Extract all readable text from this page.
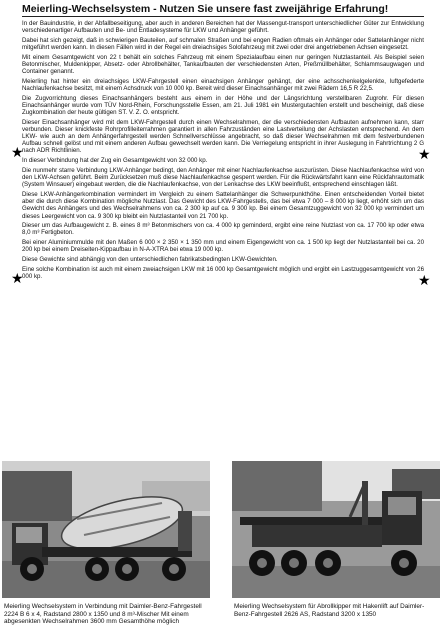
Meierling-Wechselsystem - Nutzen Sie unsere fast zweijährige Erfahrung!

In der Bauindustrie, in der Abfallbeseitigung, aber auch in anderen Bereichen hat der Massengut-transport unterschiedlicher Güter zur Entwicklung verschiedenartiger Aufbauten und Be- und Entladesysteme für LKW und Anhänger geführt.

Dabei hat sich gezeigt, daß in schwierigen Bauteilen, auf schmalen Straßen und bei engen Radien oftmals ein Anhänger oder Sattelanhänger nicht mitgeführt werden kann. In diesen Fällen wird in der Regel ein dreiachsiges Solofahrzeug mit zwei oder drei angetriebenen Achsen eingesetzt.

Mit einem Gesamtgewicht von 22 t behält ein solches Fahrzeug mit einem Spezialaufbau einen nur geringen Nutzlastanteil. Als Beispiel seien Betonmischer, Muldenkipper, Absetz- oder Abrollbehälter, Tankaufbauten der verschiedensten Arten, Preßmüllbehälter, Schlammsaugwagen und Container genannt.

Meierling hat hinter ein dreiachsiges LKW-Fahrgestell einen einachsigen Anhänger gehängt, der eine achsschenkelgelenkte, luftgefederte Nachlaufenkachse besitzt, mit einem Achsdruck von 10 000 kp. Bereit wird dieser Einachsanhänger mit zwei Rädern 16,5 R 22,5.

Die Zugvorrichtung dieses Einachsanhängers besteht aus einem in der Höhe und der Längsrichtung verstellbaren Zugrohr. Für diesen Einachsanhänger wurde vom TÜV Nord-Rhein, Forschungsstelle Essen, am 21. Juli 1981 ein Mustergutachten erstellt und bescheinigt, daß diese Zugkombination der heute gültigen ST. V. Z. O. entspricht.

Dieser Einachsanhänger wird mit dem LKW-Fahrgestell durch einen Wechselrahmen, der die verschiedensten Aufbauten aufnehmen kann, starr verbunden. Dieser knickfeste Rohrprofilleiterrahmen garantiert in allen Fahrzuständen eine Lastverteilung der Achslasten entsprechend. An dem LKW- wie auch an dem Anhängerfahrgestell werden Schnellverschlüsse angebracht, so daß dieser Wechselrahmen mit dem festverbundenen Aufbau schnell gelöst und mit einem anderen Aufbau gewechselt werden kann. Die Verriegelung entspricht in ihrer Auslegung in Fahrtrichtung 2 G nach ADR Richtlinien.

In dieser Verbindung hat der Zug ein Gesamtgewicht von 32 000 kp.

Die nunmehr starre Verbindung LKW-Anhänger bedingt, den Anhänger mit einer Nachlaufenkachse auszurüsten. Diese Nachlaufenkachse wird von den LKW-Achsen geführt. Beim Zurücksetzen muß diese Nachlaufenkachse gesperrt werden. Für die Rückwärtsfahrt kann eine Rückfahrautomatik (System Winsauer) eingebaut werden, die die Nachlaufenkachse, von der Lenkachse des LKW beeinflußt, entsprechend einschlagen läßt.

Diese LKW-Anhängerkombination vermindert im Vergleich zu einem Sattelanhänger die Schwerpunkthöhe. Einen entscheidenden Vorteil bietet aber die durch diese Kombination mögliche Nutzlast. Das Gewicht des LKW-Fahrgestells, das bei etwa 7 000 – 8 000 kp liegt, erhöht sich um das Gewicht des Anhängers und des Wechselrahmens von ca. 2 300 kp auf ca. 9 300 kp. Bei einem Gesamtzuggewicht von 32 000 kp vermindert um dieses Leergewicht von ca. 9 300 kp bleibt ein Nutzlastanteil von 21 700 kp.

Dieser um das Aufbaugewicht z. B. eines 8 m³ Betonmischers von ca. 4 000 kp geminderd, ergibt eine reine Nutzlast von ca. 17 700 kp oder etwa 8,0 m³ Fertigbeton.

Bei einer Aluminiummulde mit den Maßen 6 000 × 2 350 × 1 350 mm und einem Eigengewicht von ca. 1 500 kp liegt der Nutzlastanteil bei ca. 20 200 kp bei einem Dreiseiten-Kippaufbau in N-A-XTRA bei etwa 19 000 kp.

Diese Gewichte sind abhängig von den unterschiedlichen fabrikatsbedingten LKW-Gewichten.

Eine solche Kombination ist auch mit einem zweiachsigen LKW mit 16 000 kp Gesamtgewicht möglich und ergibt ein Lastzuggesamtgewicht von 26 000 kp.

★	★
★	★
Meierling Wechselsystem in Verbindung mit Daimler-Benz-Fahrgestell 2224 B 6 x 4, Radstand 2800 x 1350 und 8 m³-Mischer Mit einem abgesenkten Wechselrahmen 3600 mm Gesamthöhe möglich
Meierling Wechselsystem für Abrollkipper mit Hakenlift auf Daimler-Benz-Fahrgestell 2626 AS, Radstand 3200 x 1350
